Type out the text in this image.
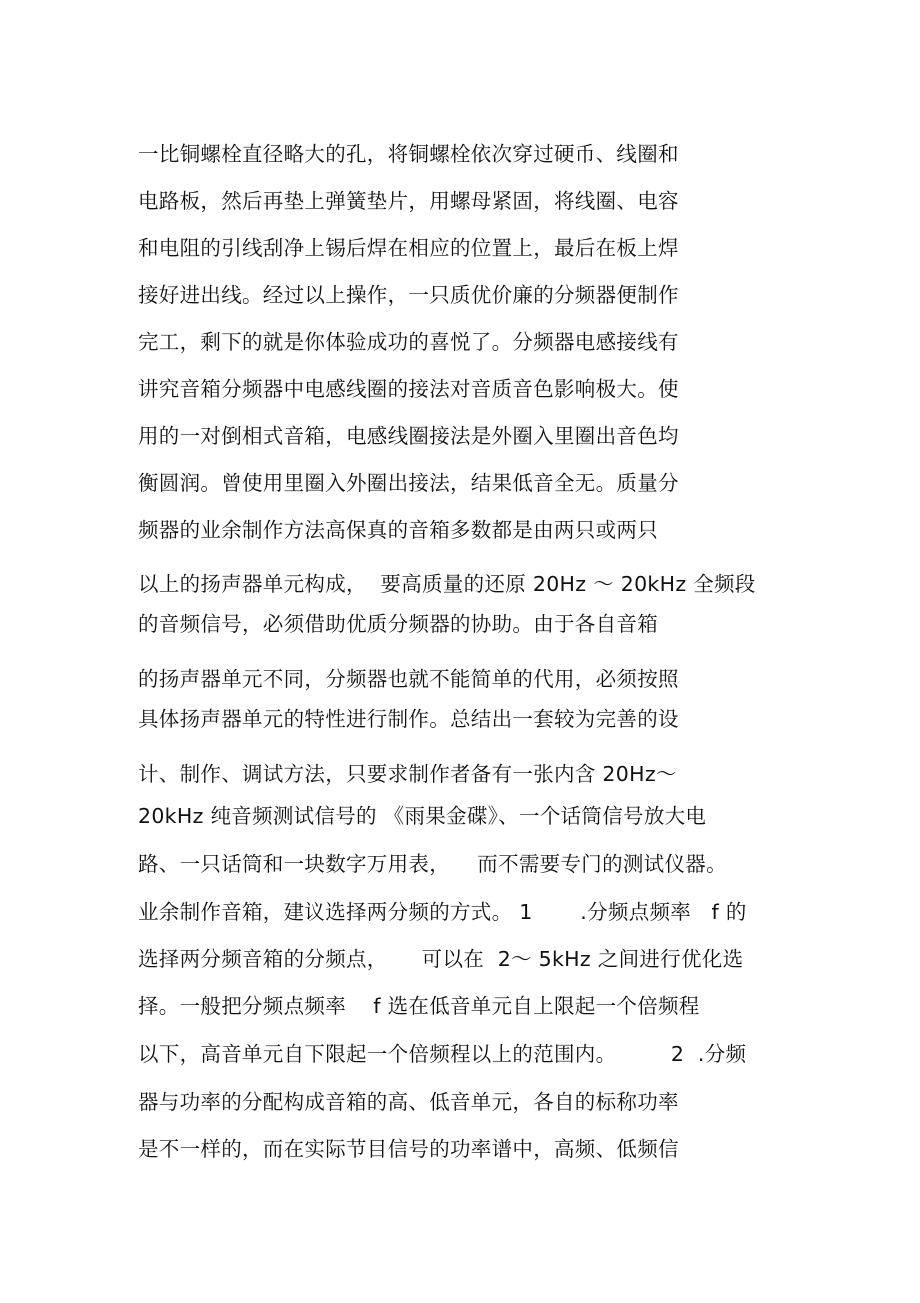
一比铜螺栓直径略大的孔，将铜螺栓依次穿过硬币、线圈和
电路板，然后再垫上弹簧垫片，用螺母紧固，将线圈、电容
和电阻的引线刮净上锡后焊在相应的位置上，最后在板上焊
接好进出线。经过以上操作，一只质优价廉的分频器便制作
完工，剩下的就是你体验成功的喜悦了。分频器电感接线有
讲究音箱分频器中电感线圈的接法对音质音色影响极大。使
用的一对倒相式音箱，电感线圈接法是外圈入里圈出音色均
衡圆润。曾使用里圈入外圈出接法，结果低音全无。质量分
频器的业余制作方法高保真的音箱多数都是由两只或两只
以上的扬声器单元构成，  要高质量的还原 20Hz ～ 20kHz 全频段
的音频信号，必须借助优质分频器的协助。由于各自音箱
的扬声器单元不同，分频器也就不能简单的代用，必须按照
具体扬声器单元的特性进行制作。总结出一套较为完善的设
计、制作、调试方法，只要求制作者备有一张内含 20Hz～
20kHz 纯音频测试信号的 《雨果金碟》、一个话筒信号放大电
路、一只话筒和一块数字万用表，    而不需要专门的测试仪器。
业余制作音箱，建议选择两分频的方式。 1       .分频点频率   f 的
选择两分频音箱的分频点，     可以在  2～ 5kHz 之间进行优化选
择。一般把分频点频率    f 选在低音单元自上限起一个倍频程
以下，高音单元自下限起一个倍频程以上的范围内。        2  .分频
器与功率的分配构成音箱的高、低音单元，各自的标称功率
是不一样的，而在实际节目信号的功率谱中，高频、低频信
